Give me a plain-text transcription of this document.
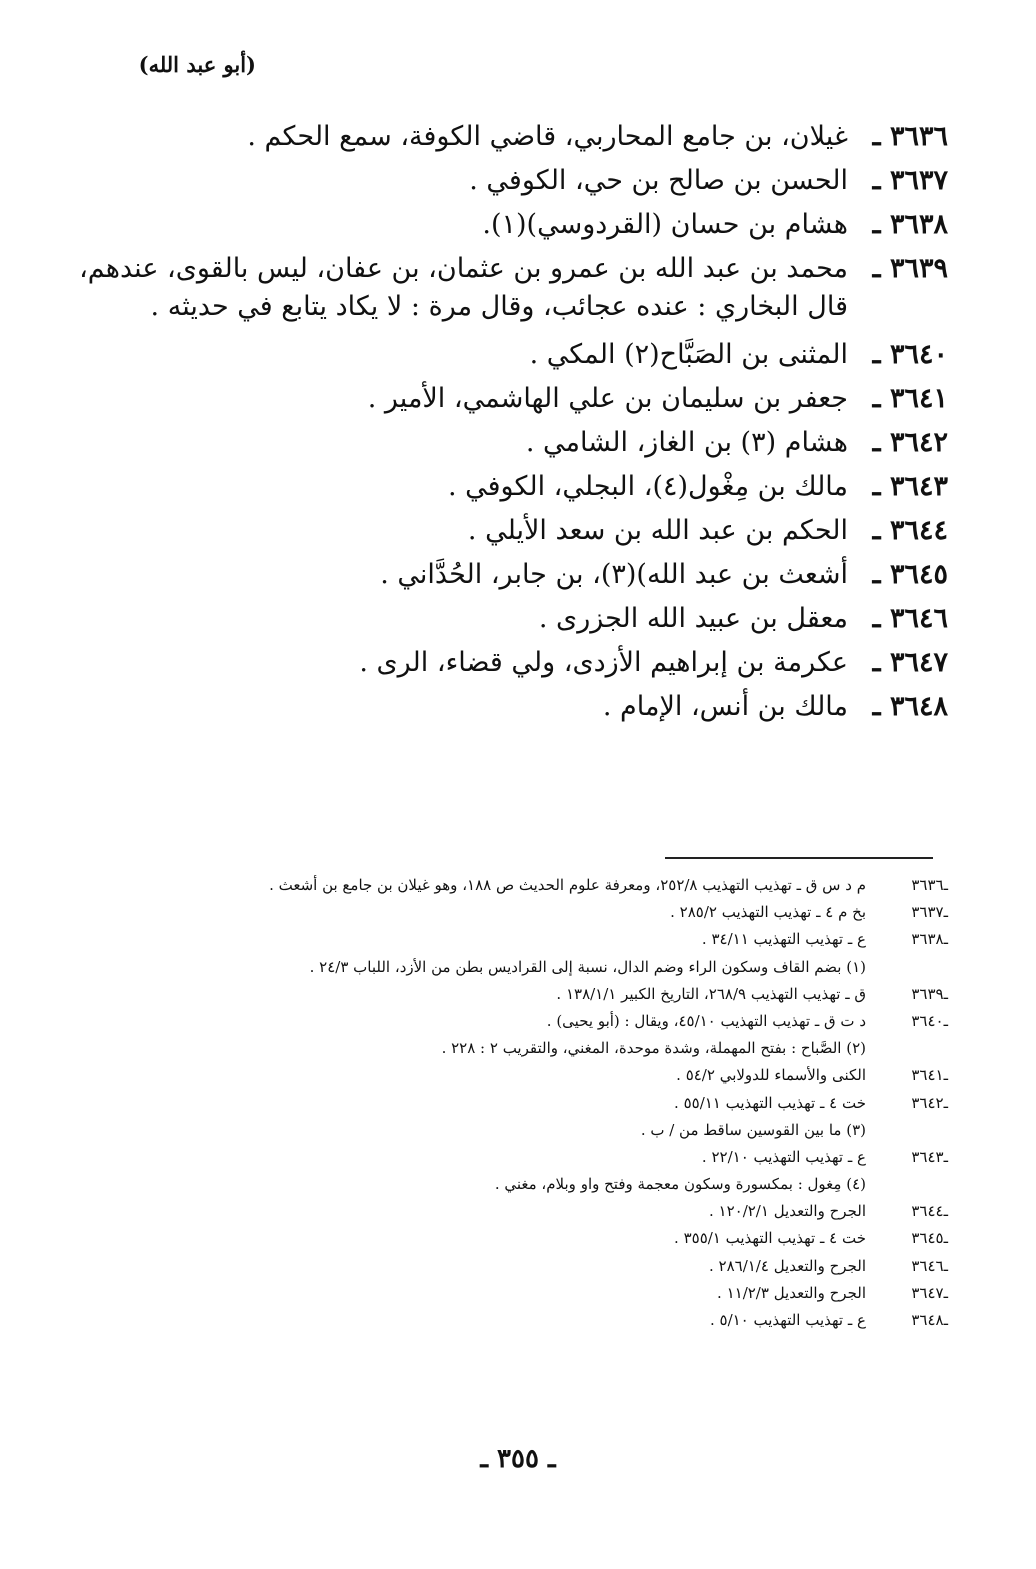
(أبو عبد الله)
٣٦٣٦ ـ
غيلان، بن جامع المحاربي، قاضي الكوفة، سمع الحكم .
٣٦٣٧ ـ
الحسن بن صالح بن حي، الكوفي .
٣٦٣٨ ـ
هشام بن حسان (القردوسي)(١).
٣٦٣٩ ـ
محمد بن عبد الله بن عمرو بن عثمان، بن عفان، ليس بالقوى، عندهم،
قال البخاري : عنده عجائب، وقال مرة : لا يكاد يتابع في حديثه .
٣٦٤٠ ـ
المثنى بن الصَبَّاح(٢) المكي .
٣٦٤١ ـ
جعفر بن سليمان بن علي الهاشمي، الأمير .
٣٦٤٢ ـ
هشام (٣) بن الغاز، الشامي .
٣٦٤٣ ـ
مالك بن مِغْول(٤)، البجلي، الكوفي .
٣٦٤٤ ـ
الحكم بن عبد الله بن سعد الأيلي .
٣٦٤٥ ـ
أشعث بن عبد الله)(٣)، بن جابر، الحُدَّاني .
٣٦٤٦ ـ
معقل بن عبيد الله الجزرى .
٣٦٤٧ ـ
عكرمة بن إبراهيم الأزدى، ولي قضاء، الرى .
٣٦٤٨ ـ
مالك بن أنس، الإمام .
ـ٣٦٣٦
م د س ق ـ تهذيب التهذيب ٢٥٢/٨، ومعرفة علوم الحديث ص ١٨٨، وهو غيلان بن جامع بن أشعث .
ـ٣٦٣٧
بخ م ٤ ـ تهذيب التهذيب ٢٨٥/٢ .
ـ٣٦٣٨
ع ـ تهذيب التهذيب ٣٤/١١ .
(١) بضم القاف وسكون الراء وضم الدال، نسبة إلى القراديس بطن من الأزد، اللباب ٢٤/٣ .
ـ٣٦٣٩
ق ـ تهذيب التهذيب ٢٦٨/٩، التاريخ الكبير ١٣٨/١/١ .
ـ٣٦٤٠
د ت ق ـ تهذيب التهذيب ٤٥/١٠، ويقال : (أبو يحيى) .
(٢) الصَّباح : بفتح المهملة، وشدة موحدة، المغني، والتقريب ٢ : ٢٢٨ .
ـ٣٦٤١
الكنى والأسماء للدولابي ٥٤/٢ .
ـ٣٦٤٢
خت ٤ ـ تهذيب التهذيب ٥٥/١١ .
(٣) ما بين القوسين ساقط من / ب .
ـ٣٦٤٣
ع ـ تهذيب التهذيب ٢٢/١٠ .
(٤) مِغول : بمكسورة وسكون معجمة وفتح واو وبلام، مغني .
ـ٣٦٤٤
الجرح والتعديل ١٢٠/٢/١ .
ـ٣٦٤٥
خت ٤ ـ تهذيب التهذيب ٣٥٥/١ .
ـ٣٦٤٦
الجرح والتعديل ٢٨٦/١/٤ .
ـ٣٦٤٧
الجرح والتعديل ١١/٢/٣ .
ـ٣٦٤٨
ع ـ تهذيب التهذيب ٥/١٠ .
ـ ٣٥٥ ـ
